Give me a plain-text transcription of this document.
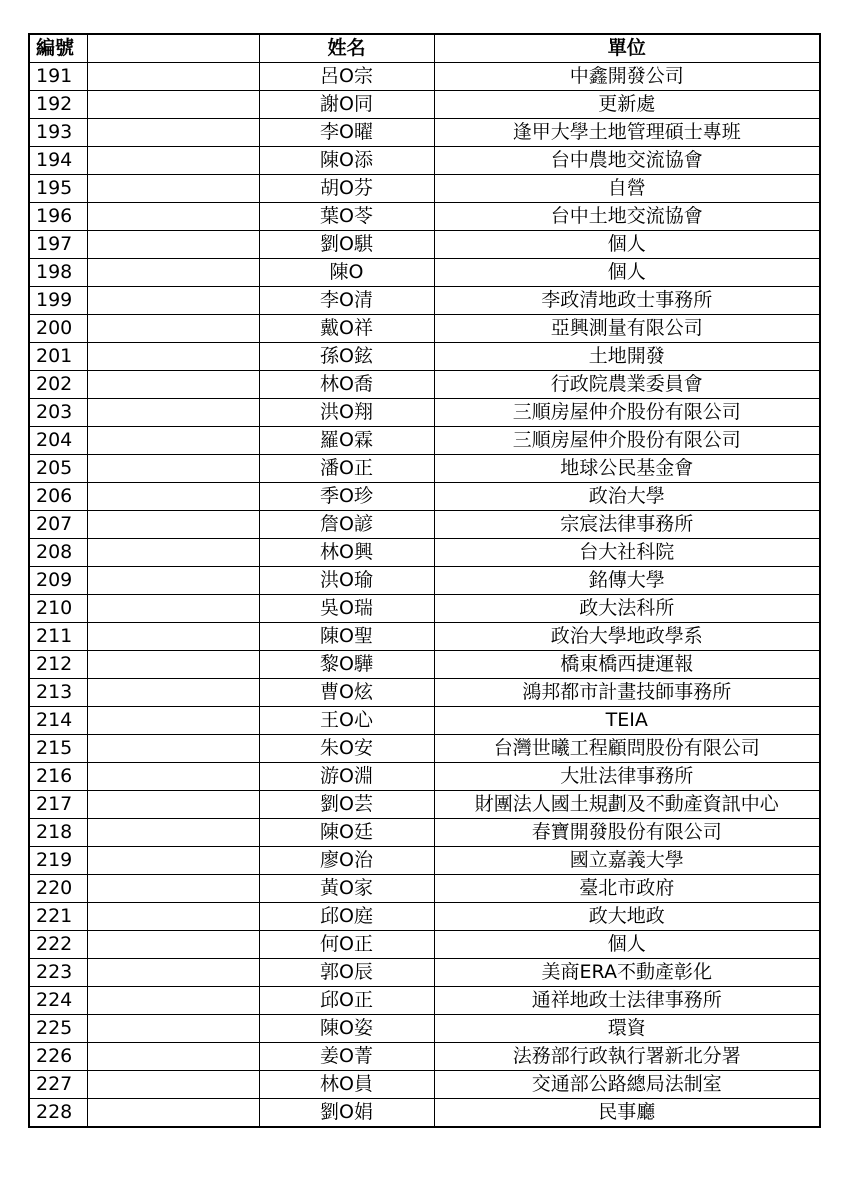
編號		姓名	單位
191		呂O宗	中鑫開發公司
192		謝O同	更新處
193		李O曜	逢甲大學土地管理碩士專班
194		陳O添	台中農地交流協會
195		胡O芬	自營
196		葉O苓	台中土地交流協會
197		劉O騏	個人
198		陳O	個人
199		李O清	李政清地政士事務所
200		戴O祥	亞興測量有限公司
201		孫O鉉	土地開發
202		林O喬	行政院農業委員會
203		洪O翔	三順房屋仲介股份有限公司
204		羅O霖	三順房屋仲介股份有限公司
205		潘O正	地球公民基金會
206		季O珍	政治大學
207		詹O諺	宗宸法律事務所
208		林O興	台大社科院
209		洪O瑜	銘傳大學
210		吳O瑞	政大法科所
211		陳O聖	政治大學地政學系
212		黎O驊	橋東橋西捷運報
213		曹O炫	鴻邦都市計畫技師事務所
214		王O心	TEIA
215		朱O安	台灣世曦工程顧問股份有限公司
216		游O淵	大壯法律事務所
217		劉O芸	財團法人國土規劃及不動產資訊中心
218		陳O廷	春寶開發股份有限公司
219		廖O治	國立嘉義大學
220		黃O家	臺北市政府
221		邱O庭	政大地政
222		何O正	個人
223		郭O辰	美商ERA不動產彰化
224		邱O正	通祥地政士法律事務所
225		陳O姿	環資
226		姜O菁	法務部行政執行署新北分署
227		林O員	交通部公路總局法制室
228		劉O娟	民事廳
